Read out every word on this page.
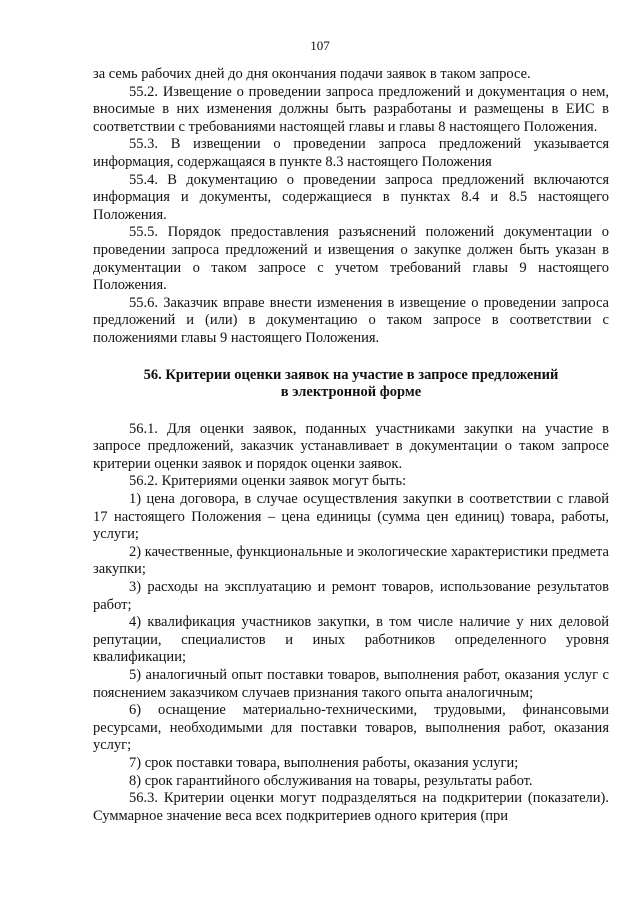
107

за семь рабочих дней до дня окончания подачи заявок в таком запросе.

55.2. Извещение о проведении запроса предложений и документация о нем, вносимые в них изменения должны быть разработаны и размещены в ЕИС в соответствии с требованиями настоящей главы и главы 8 настоящего Положения.

55.3. В извещении о проведении запроса предложений указывается информация, содержащаяся в пункте 8.3 настоящего Положения

55.4. В документацию о проведении запроса предложений включаются информация и документы, содержащиеся в пунктах 8.4 и 8.5 настоящего Положения.

55.5. Порядок предоставления разъяснений положений документации о проведении запроса предложений и извещения о закупке должен быть указан в документации о таком запросе с учетом требований главы 9 настоящего Положения.

55.6. Заказчик вправе внести изменения в извещение о проведении запроса предложений и (или) в документацию о таком запросе в соответствии с положениями главы 9 настоящего Положения.

56. Критерии оценки заявок на участие в запросе предложений
в электронной форме

56.1. Для оценки заявок, поданных участниками закупки на участие в запросе предложений, заказчик устанавливает в документации о таком запросе критерии оценки заявок и порядок оценки заявок.

56.2. Критериями оценки заявок могут быть:

1) цена договора, в случае осуществления закупки в соответствии с главой 17 настоящего Положения – цена единицы (сумма цен единиц) товара, работы, услуги;

2) качественные, функциональные и экологические характеристики предмета закупки;

3) расходы на эксплуатацию и ремонт товаров, использование результатов работ;

4) квалификация участников закупки, в том числе наличие у них деловой репутации, специалистов и иных работников определенного уровня квалификации;

5) аналогичный опыт поставки товаров, выполнения работ, оказания услуг с пояснением заказчиком случаев признания такого опыта аналогичным;

6) оснащение материально-техническими, трудовыми, финансовыми ресурсами, необходимыми для поставки товаров, выполнения работ, оказания услуг;

7) срок поставки товара, выполнения работы, оказания услуги;

8) срок гарантийного обслуживания на товары, результаты работ.

56.3. Критерии оценки могут подразделяться на подкритерии (показатели). Суммарное значение веса всех подкритериев одного критерия (при
